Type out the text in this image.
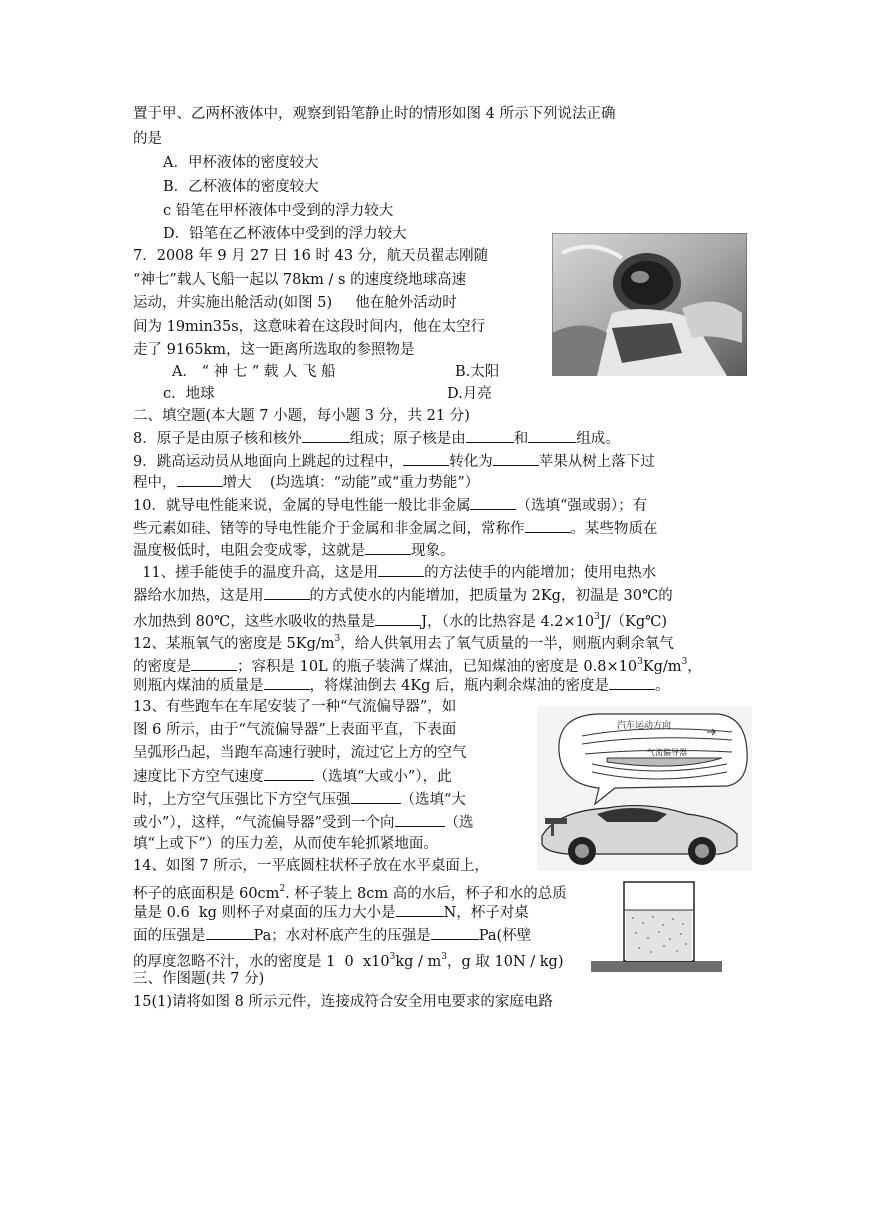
置于甲、乙两杯液体中，观察到铅笔静止时的情形如图 4 所示下列说法正确
的是
A．甲杯液体的密度较大
B．乙杯液体的密度较大
c 铅笔在甲杯液体中受到的浮力较大
D．铅笔在乙杯液体中受到的浮力较大
7．2008 年 9 月 27 日 16 时 43 分，航天员翟志刚随
“神七”载人飞船一起以 78km / s 的速度绕地球高速
运动，并实施出舱活动(如图 5)     他在舱外活动时
间为 19min35s，这意味着在这段时间内，他在太空行
走了 9165km，这一距离所选取的参照物是
A． “ 神 七 ” 载 人 飞 船	B.太阳
c．地球	D.月亮
二、填空题(本大题 7 小题，每小题 3 分，共 21 分)
8．原子是由原子核和核外	组成；原子核是由	和	组成。
9．跳高运动员从地面向上跳起的过程中，	转化为	苹果从树上落下过
程中，	增大    (均选填：“动能”或“重力势能”）
10．就导电性能来说，金属的导电性能一般比非金属	（选填“强或弱）；有
些元素如硅、锗等的导电性能介于金属和非金属之间，常称作	。某些物质在
温度极低时，电阻会变成零，这就是	现象。
11、搓手能使手的温度升高，这是用	的方法使手的内能增加；使用电热水
器给水加热，这是用	的方式使水的内能增加，把质量为 2Kg，初温是 30℃的
水加热到 80℃，这些水吸收的热量是	J，（水的比热容是 $4.2\times 10^3J/(Kg℃)$
12、某瓶氧气的密度是 $5Kg/m^3$，给人供氧用去了氧气质量的一半，则瓶内剩余氧气
的密度是	；容积是 10L 的瓶子装满了煤油，已知煤油的密度是 $0.8\times 10^3Kg/m^3$，
则瓶内煤油的质量是	，将煤油倒去 4Kg 后，瓶内剩余煤油的密度是	。
13、有些跑车在车尾安装了一种“气流偏导器”，如
图 6 所示，由于“气流偏导器”上表面平直，下表面
呈弧形凸起，当跑车高速行驶时，流过它上方的空气
速度比下方空气速度	（选填“大或小”），此
时，上方空气压强比下方空气压强	（选填“大
或小”），这样，“气流偏导器”受到一个向	（选
填“上或下”）的压力差，从而使车轮抓紧地面。
14、如图 7 所示，一平底圆柱状杯子放在水平桌面上，
杯子的底面积是 $60cm^2$. 杯子装上 8cm 高的水后，杯子和水的总质
量是 0.6  kg 则杯子对桌面的压力大小是	N，杯子对桌
面的压强是	Pa；水对杯底产生的压强是	Pa(杯壁
的厚度忽略不汁，水的密度是 1  0  $x10^3kg / m^3$，g 取 10N / kg)
三、作图题(共 7 分)
15(1)请将如图 8 所示元件，连接成符合安全用电要求的家庭电路
汽车运动方向
气流偏导器
